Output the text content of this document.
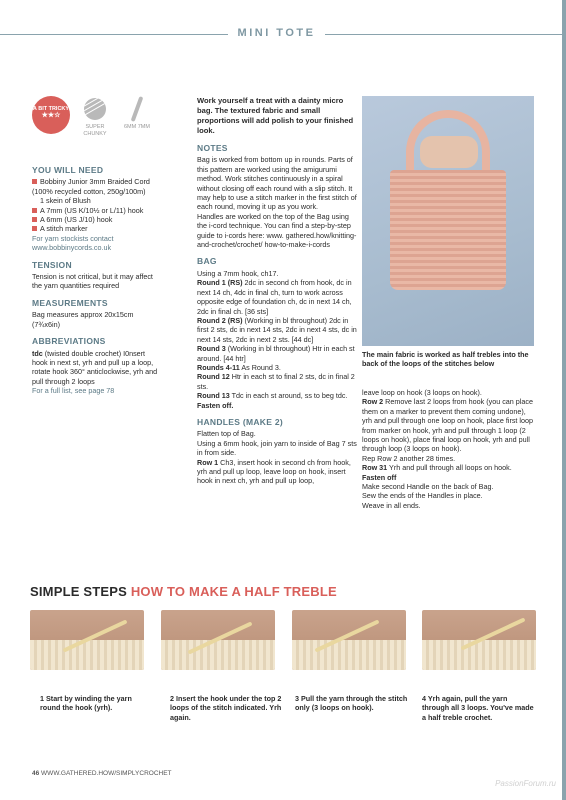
MINI TOTE
A BIT TRICKY
★★☆
SUPER CHUNKY
6MM 7MM
YOU WILL NEED

Bobbiny Junior 3mm Braided Cord (100% recycled cotton, 250g/100m)

1 skein of Blush

A 7mm (US K/10½ or L/11) hook

A 6mm (US J/10) hook

A stitch marker

For yarn stockists contact www.bobbinycords.co.uk

TENSION

Tension is not critical, but it may affect the yarn quantities required

MEASUREMENTS

Bag measures approx 20x15cm (7¾x6in)

ABBREVIATIONS

tdc (twisted double crochet) I0nsert hook in next st, yrh and pull up a loop, rotate hook 360° anticlockwise, yrh and pull through 2 loops

For a full list, see page 78

Work yourself a treat with a dainty micro bag. The textured fabric and small proportions will add polish to your finished look.

NOTES

Bag is worked from bottom up in rounds. Parts of this pattern are worked using the amigurumi method. Work stitches continuously in a spiral without closing off each round with a slip stitch. It may help to use a stitch marker in the first stitch of each round, moving it up as you work.

Handles are worked on the top of the Bag using the i-cord technique. You can find a step-by-step guide to i-cords here: www. gathered.how/knitting-and-crochet/crochet/ how-to-make-i-cords

BAG

Using a 7mm hook, ch17.

Round 1 (RS) 2dc in second ch from hook, dc in next 14 ch, 4dc in final ch, turn to work across opposite edge of foundation ch, dc in next 14 ch, 2dc in final ch. [36 sts]

Round 2 (RS) (Working in bl throughout) 2dc in first 2 sts, dc in next 14 sts, 2dc in next 4 sts, dc in next 14 sts, 2dc in next 2 sts. [44 dc]

Round 3 (Working in bl throughout) Htr in each st around. [44 htr]

Rounds 4-11 As Round 3.

Round 12 Htr in each st to final 2 sts, dc in final 2 sts.

Round 13 Tdc in each st around, ss to beg tdc.

Fasten off.

HANDLES (MAKE 2)

Flatten top of Bag.

Using a 6mm hook, join yarn to inside of Bag 7 sts in from side.

Row 1 Ch3, insert hook in second ch from hook, yrh and pull up loop, leave loop on hook, insert hook in next ch, yrh and pull up loop,

The main fabric is worked as half trebles into the back of the loops of the stitches below

leave loop on hook (3 loops on hook).

Row 2 Remove last 2 loops from hook (you can place them on a marker to prevent them coming undone), yrh and pull through one loop on hook, place first loop from marker on hook, yrh and pull through 1 loop (2 loops on hook), place final loop on hook, yrh and pull through loop (3 loops on hook).

Rep Row 2 another 28 times.

Row 31 Yrh and pull through all loops on hook.

Fasten off

Make second Handle on the back of Bag.

Sew the ends of the Handles in place.

Weave in all ends.

SIMPLE STEPS HOW TO MAKE A HALF TREBLE
1 Start by winding the yarn round the hook (yrh).
2 Insert the hook under the top 2 loops of the stitch indicated. Yrh again.
3 Pull the yarn through the stitch only (3 loops on hook).
4 Yrh again, pull the yarn through all 3 loops. You've made a half treble crochet.
46 WWW.GATHERED.HOW/SIMPLYCROCHET
PassionForum.ru
